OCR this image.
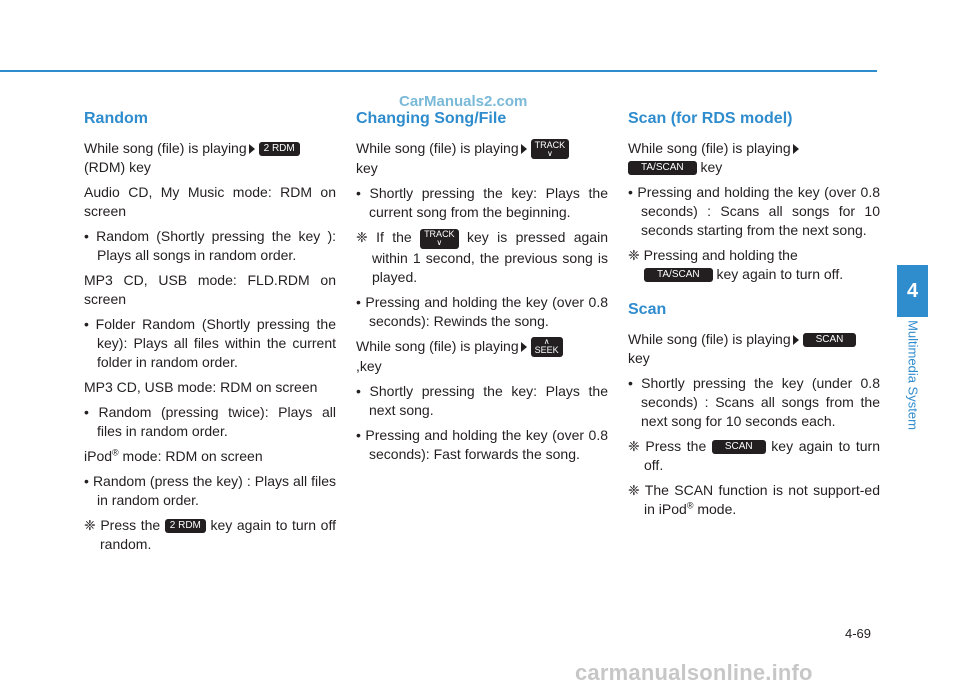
CarManuals2.com
Random

While song (file) is playing 2 RDM
(RDM) key

Audio CD, My Music mode: RDM on screen

• Random (Shortly pressing the key ): Plays all songs in random order.

MP3 CD, USB mode: FLD.RDM on screen

• Folder Random (Shortly pressing the key): Plays all files within the current folder in random order.

MP3 CD, USB mode: RDM on screen

• Random (pressing twice): Plays all files in random order.

iPod® mode: RDM on screen

• Random (press the key) : Plays all files in random order.

❈ Press the 2 RDM key again to turn off random.

Changing Song/File

While song (file) is playing TRACK
∨

key

• Shortly pressing the key: Plays the current song from the beginning.

❈ If the TRACK
∨ key is pressed again within 1 second, the previous song is played.

• Pressing and holding the key (over 0.8 seconds): Rewinds the song.

While song (file) is playing	∧
SEEK

,key

• Shortly pressing the key: Plays the next song.

• Pressing and holding the key (over 0.8 seconds): Fast forwards the song.

Scan (for RDS model)

While song (file) is playing
TA/SCAN key

• Pressing and holding the key (over 0.8 seconds) : Scans all songs for 10 seconds starting from the next song.

❈ Pressing and holding the
TA/SCAN key again to turn off.

Scan

While song (file) is playing	SCAN
key

• Shortly pressing the key (under 0.8 seconds) : Scans all songs from the next song for 10 seconds each.

❈ Press the SCAN key again to turn off.

❈ The SCAN function is not support-ed in iPod® mode.

4
Multimedia System
4-69
carmanualsonline.info
